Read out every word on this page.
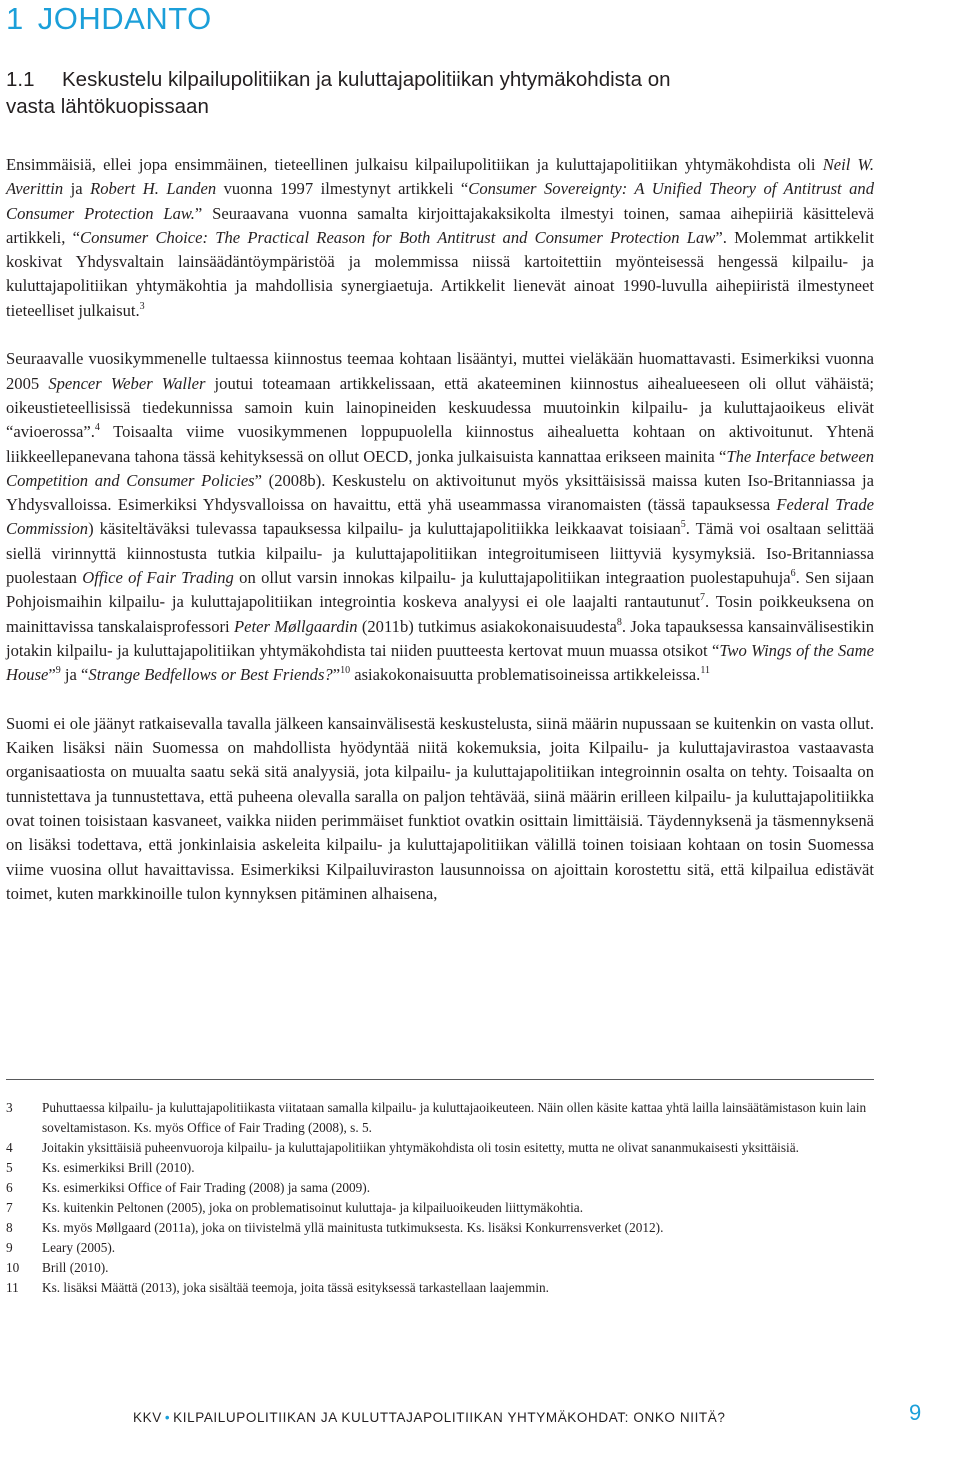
1 JOHDANTO
1.1 Keskustelu kilpailupolitiikan ja kuluttajapolitiikan yhtymäkohdista on vasta lähtökuopissaan

Ensimmäisiä, ellei jopa ensimmäinen, tieteellinen julkaisu kilpailupolitiikan ja kuluttajapolitiikan yhtymäkohdista oli Neil W. Averittin ja Robert H. Landen vuonna 1997 ilmestynyt artikkeli “Consumer Sovereignty: A Unified Theory of Antitrust and Consumer Protection Law.” Seuraavana vuonna samalta kirjoittajakaksikolta ilmestyi toinen, samaa aihepiiriä käsittelevä artikkeli, “Consumer Choice: The Practical Reason for Both Antitrust and Consumer Protection Law”. Molemmat artikkelit koskivat Yhdysvaltain lainsäädäntöympäristöä ja molemmissa niissä kartoitettiin myönteisessä hengessä kilpailu- ja kuluttajapolitiikan yhtymäkohtia ja mahdollisia synergiaetuja. Artikkelit lienevät ainoat 1990-luvulla aihepiiristä ilmestyneet tieteelliset julkaisut.$^3$

Seuraavalle vuosikymmenelle tultaessa kiinnostus teemaa kohtaan lisääntyi, muttei vieläkään huomattavasti. Esimerkiksi vuonna 2005 Spencer Weber Waller joutui toteamaan artikkelissaan, että akateeminen kiinnostus aihealueeseen oli ollut vähäistä; oikeustieteellisissä tiedekunnissa samoin kuin lainopineiden keskuudessa muutoinkin kilpailu- ja kuluttajaoikeus elivät “avioerossa”.$^4$ Toisaalta viime vuosikymmenen loppupuolella kiinnostus aihealuetta kohtaan on aktivoitunut. Yhtenä liikkeellepanevana tahona tässä kehityksessä on ollut OECD, jonka julkaisuista kannattaa erikseen mainita “The Interface between Competition and Consumer Policies” (2008b). Keskustelu on aktivoitunut myös yksittäisissä maissa kuten Iso-Britanniassa ja Yhdysvalloissa. Esimerkiksi Yhdysvalloissa on havaittu, että yhä useammassa viranomaisten (tässä tapauksessa Federal Trade Commission) käsiteltäväksi tulevassa tapauksessa kilpailu- ja kuluttajapolitiikka leikkaavat toisiaan$^5$. Tämä voi osaltaan selittää siellä virinnyttä kiinnostusta tutkia kilpailu- ja kuluttajapolitiikan integroitumiseen liittyviä kysymyksiä. Iso-Britanniassa puolestaan Office of Fair Trading on ollut varsin innokas kilpailu- ja kuluttajapolitiikan integraation puolestapuhuja$^6$. Sen sijaan Pohjoismaihin kilpailu- ja kuluttajapolitiikan integrointia koskeva analyysi ei ole laajalti rantautunut$^7$. Tosin poikkeuksena on mainittavissa tanskalaisprofessori Peter Møllgaardin (2011b) tutkimus asiakokonaisuudesta$^8$. Joka tapauksessa kansainvälisestikin jotakin kilpailu- ja kuluttajapolitiikan yhtymäkohdista tai niiden puutteesta kertovat muun muassa otsikot “Two Wings of the Same House”$^9$ ja “Strange Bedfellows or Best Friends?”$^{10}$ asiakokonaisuutta problematisoineissa artikkeleissa.$^{11}$

Suomi ei ole jäänyt ratkaisevalla tavalla jälkeen kansainvälisestä keskustelusta, siinä määrin nupussaan se kuitenkin on vasta ollut. Kaiken lisäksi näin Suomessa on mahdollista hyödyntää niitä kokemuksia, joita Kilpailu- ja kuluttajavirastoa vastaavasta organisaatiosta on muualta saatu sekä sitä analyysiä, jota kilpailu- ja kuluttajapolitiikan integroinnin osalta on tehty. Toisaalta on tunnistettava ja tunnustettava, että puheena olevalla saralla on paljon tehtävää, siinä määrin erilleen kilpailu- ja kuluttajapolitiikka ovat toinen toisistaan kasvaneet, vaikka niiden perimmäiset funktiot ovatkin osittain limittäisiä. Täydennyksenä ja täsmennyksenä on lisäksi todettava, että jonkinlaisia askeleita kilpailu- ja kuluttajapolitiikan välillä toinen toisiaan kohtaan on tosin Suomessa viime vuosina ollut havaittavissa. Esimerkiksi Kilpailuviraston lausunnoissa on ajoittain korostettu sitä, että kilpailua edistävät toimet, kuten markkinoille tulon kynnyksen pitäminen alhaisena,

3 Puhuttaessa kilpailu- ja kuluttajapolitiikasta viitataan samalla kilpailu- ja kuluttajaoikeuteen. Näin ollen käsite kattaa yhtä lailla lainsäätämistason kuin lain soveltamistason. Ks. myös Office of Fair Trading (2008), s. 5.
4 Joitakin yksittäisiä puheenvuoroja kilpailu- ja kuluttajapolitiikan yhtymäkohdista oli tosin esitetty, mutta ne olivat sananmukaisesti yksittäisiä.
5 Ks. esimerkiksi Brill (2010).
6 Ks. esimerkiksi Office of Fair Trading (2008) ja sama (2009).
7 Ks. kuitenkin Peltonen (2005), joka on problematisoinut kuluttaja- ja kilpailuoikeuden liittymäkohtia.
8 Ks. myös Møllgaard (2011a), joka on tiivistelmä yllä mainitusta tutkimuksesta. Ks. lisäksi Konkurrensverket (2012).
9 Leary (2005).
10 Brill (2010).
11 Ks. lisäksi Määttä (2013), joka sisältää teemoja, joita tässä esityksessä tarkastellaan laajemmin.
KKV • KILPAILUPOLITIIKAN JA KULUTTAJAPOLITIIKAN YHTYMÄKOHDAT: ONKO NIITÄ?	9
